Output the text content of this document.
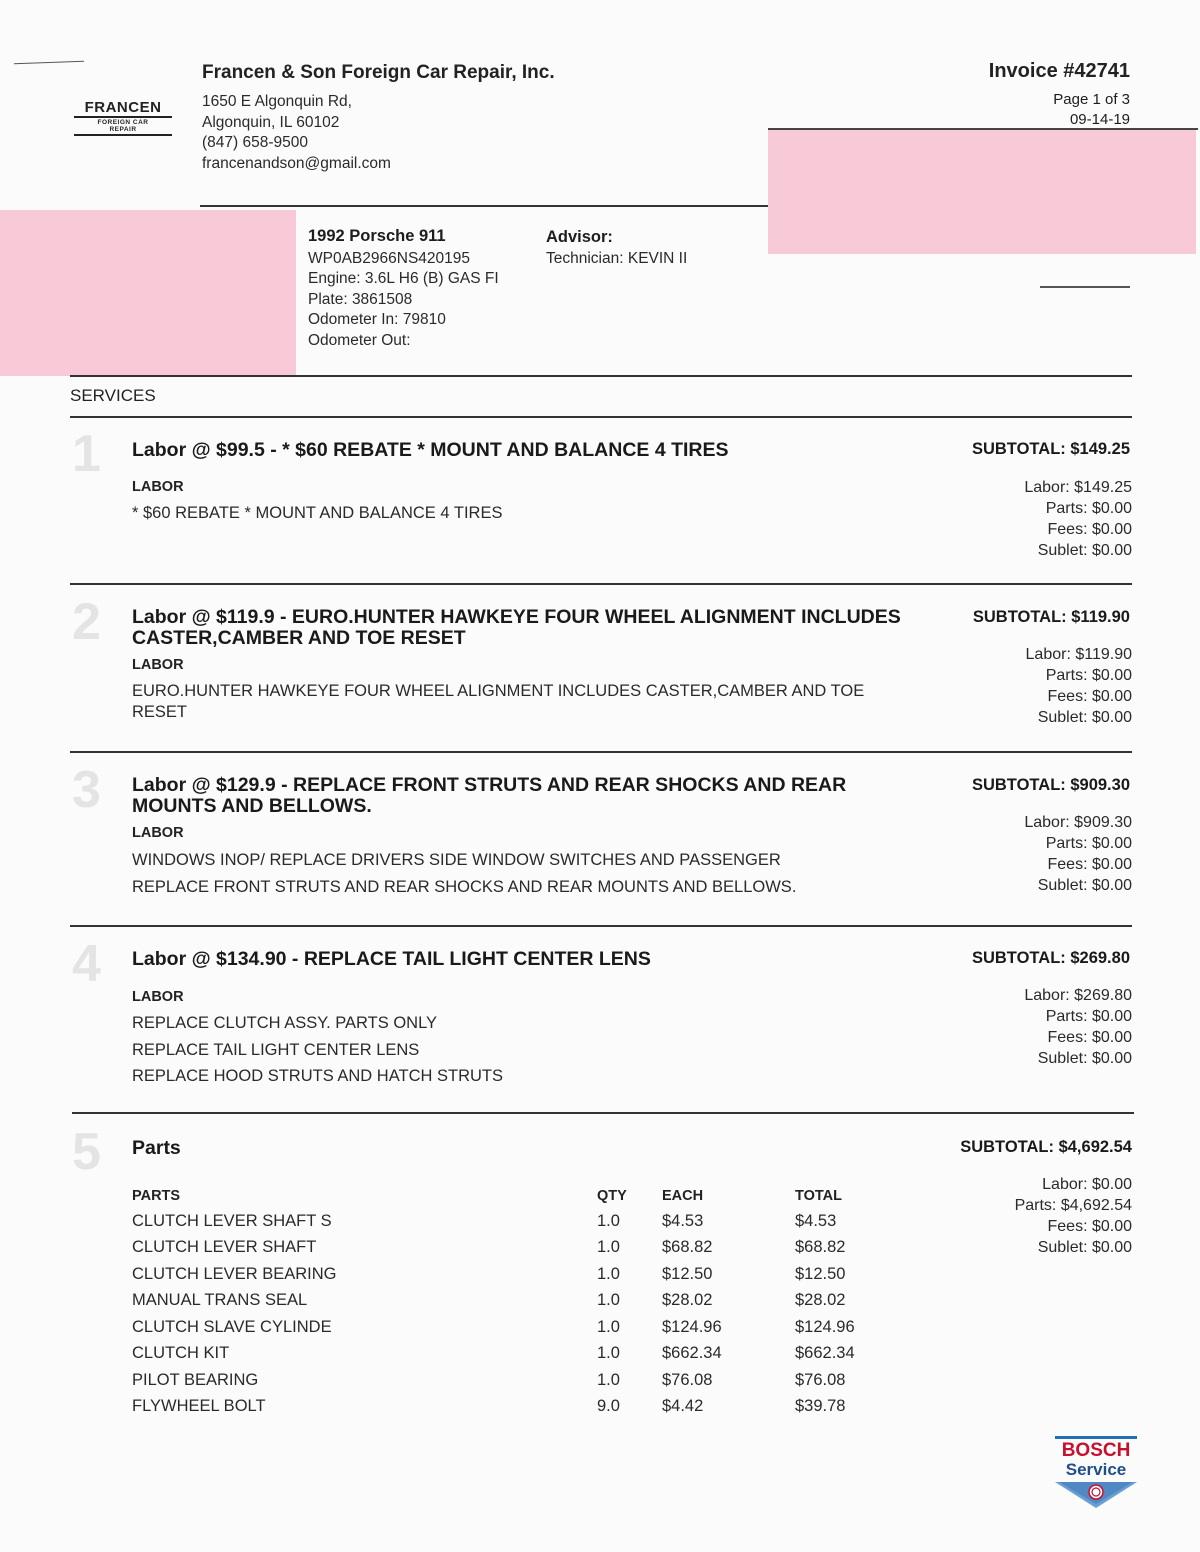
FRANCEN
FOREIGN CAR
REPAIR
Francen & Son Foreign Car Repair, Inc.
1650 E Algonquin Rd,
Algonquin, IL 60102
(847) 658-9500
francenandson@gmail.com
Invoice #42741
Page 1 of 3
09-14-19
1992 Porsche 911
WP0AB2966NS420195
Engine: 3.6L H6 (B) GAS FI
Plate: 3861508
Odometer In: 79810
Odometer Out:
Advisor:
Technician: KEVIN II
SERVICES
1 Labor @ $99.5 - * $60 REBATE * MOUNT AND BALANCE 4 TIRES
LABOR
* $60 REBATE * MOUNT AND BALANCE 4 TIRES
SUBTOTAL: $149.25
Labor: $149.25
Parts: $0.00
Fees: $0.00
Sublet: $0.00
2 Labor @ $119.9 - EURO.HUNTER HAWKEYE FOUR WHEEL ALIGNMENT INCLUDES CASTER,CAMBER AND TOE RESET
LABOR
EURO.HUNTER HAWKEYE FOUR WHEEL ALIGNMENT INCLUDES CASTER,CAMBER AND TOE RESET
SUBTOTAL: $119.90
Labor: $119.90
Parts: $0.00
Fees: $0.00
Sublet: $0.00
3 Labor @ $129.9 - REPLACE FRONT STRUTS AND REAR SHOCKS AND REAR MOUNTS AND BELLOWS.
LABOR
WINDOWS INOP/ REPLACE DRIVERS SIDE WINDOW SWITCHES AND PASSENGER
REPLACE FRONT STRUTS AND REAR SHOCKS AND REAR MOUNTS AND BELLOWS.
SUBTOTAL: $909.30
Labor: $909.30
Parts: $0.00
Fees: $0.00
Sublet: $0.00
4 Labor @ $134.90 - REPLACE TAIL LIGHT CENTER LENS
LABOR
REPLACE CLUTCH ASSY. PARTS ONLY
REPLACE TAIL LIGHT CENTER LENS
REPLACE HOOD STRUTS AND HATCH STRUTS
SUBTOTAL: $269.80
Labor: $269.80
Parts: $0.00
Fees: $0.00
Sublet: $0.00
5 Parts	SUBTOTAL: $4,692.54
Labor: $0.00
Parts: $4,692.54
Fees: $0.00
Sublet: $0.00
PARTS	QTY	EACH	TOTAL
CLUTCH LEVER SHAFT S	1.0	$4.53	$4.53
CLUTCH LEVER SHAFT	1.0	$68.82	$68.82
CLUTCH LEVER BEARING	1.0	$12.50	$12.50
MANUAL TRANS SEAL	1.0	$28.02	$28.02
CLUTCH SLAVE CYLINDE	1.0	$124.96	$124.96
CLUTCH KIT	1.0	$662.34	$662.34
PILOT BEARING	1.0	$76.08	$76.08
FLYWHEEL BOLT	9.0	$4.42	$39.78
BOSCH
Service
